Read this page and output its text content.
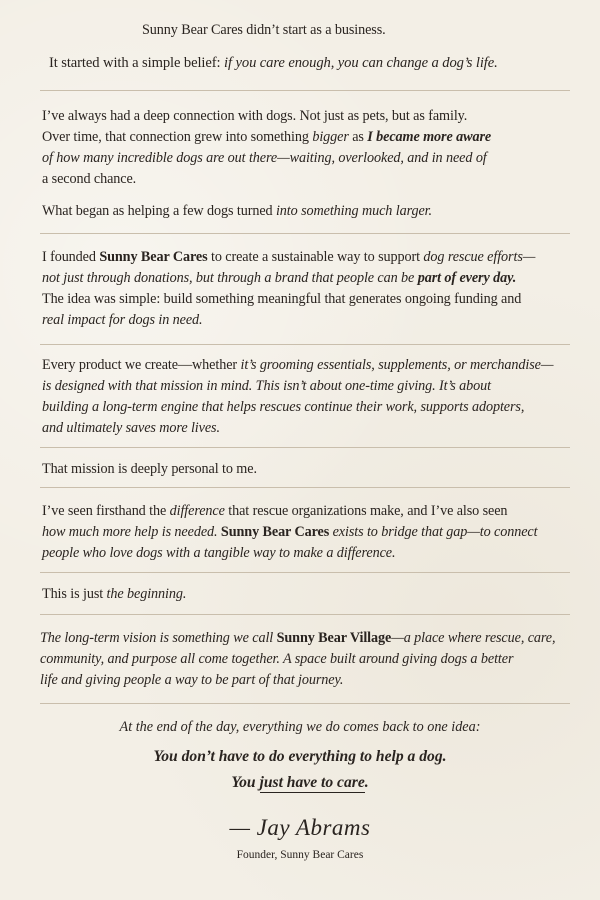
Sunny Bear Cares didn’t start as a business.
It started with a simple belief: if you care enough, you can change a dog’s life.
I’ve always had a deep connection with dogs. Not just as pets, but as family.
Over time, that connection grew into something bigger as I became more aware
of how many incredible dogs are out there—waiting, overlooked, and in need of
a second chance.
What began as helping a few dogs turned into something much larger.
I founded Sunny Bear Cares to create a sustainable way to support dog rescue efforts—
not just through donations, but through a brand that people can be part of every day.
The idea was simple: build something meaningful that generates ongoing funding and
real impact for dogs in need.
Every product we create—whether it’s grooming essentials, supplements, or merchandise—
is designed with that mission in mind. This isn’t about one-time giving. It’s about
building a long-term engine that helps rescues continue their work, supports adopters,
and ultimately saves more lives.
That mission is deeply personal to me.
I’ve seen firsthand the difference that rescue organizations make, and I’ve also seen
how much more help is needed. Sunny Bear Cares exists to bridge that gap—to connect
people who love dogs with a tangible way to make a difference.
This is just the beginning.
The long-term vision is something we call Sunny Bear Village—a place where rescue, care,
community, and purpose all come together. A space built around giving dogs a better
life and giving people a way to be part of that journey.
At the end of the day, everything we do comes back to one idea:
You don’t have to do everything to help a dog.
You just have to care.
— Jay Abrams
Founder, Sunny Bear Cares
